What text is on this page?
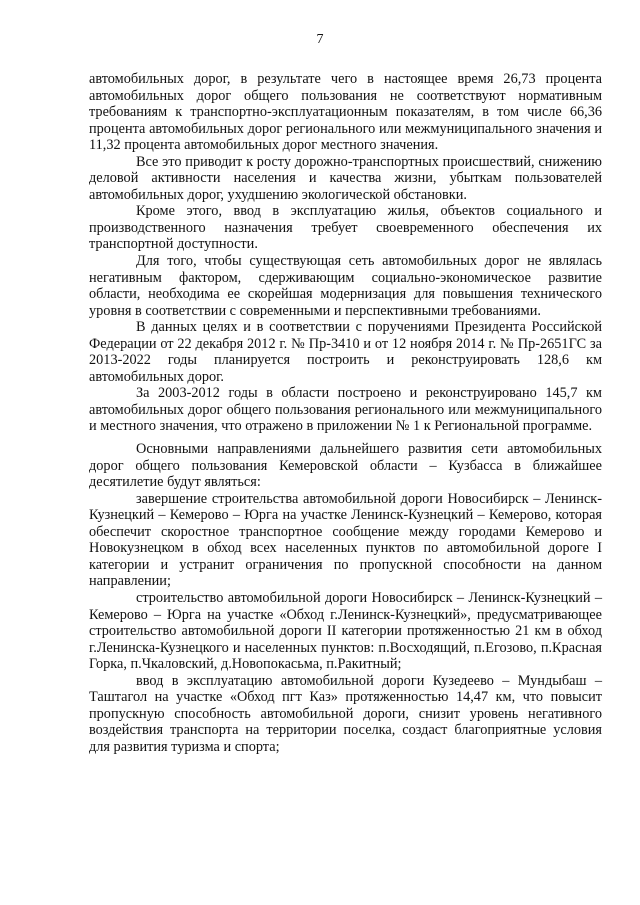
7

автомобильных дорог, в результате чего в настоящее время 26,73 процента автомобильных дорог общего пользования не соответствуют нормативным требованиям к транспортно-эксплуатационным показателям, в том числе 66,36 процента автомобильных дорог регионального или межмуниципального значения и 11,32 процента автомобильных дорог местного значения.

Все это приводит к росту дорожно-транспортных происшествий, снижению деловой активности населения и качества жизни, убыткам пользователей автомобильных дорог, ухудшению экологической обстановки.

Кроме этого, ввод в эксплуатацию жилья, объектов социального и производственного назначения требует своевременного обеспечения их транспортной доступности.

Для того, чтобы существующая сеть автомобильных дорог не являлась негативным фактором, сдерживающим социально-экономическое развитие области, необходима ее скорейшая модернизация для повышения технического уровня в соответствии с современными и перспективными требованиями.

В данных целях и в соответствии с поручениями Президента Российской Федерации от 22 декабря 2012 г. № Пр-3410 и от 12 ноября 2014 г. № Пр-2651ГС за 2013-2022 годы планируется построить и реконструировать 128,6 км автомобильных дорог.

За 2003-2012 годы в области построено и реконструировано 145,7 км автомобильных дорог общего пользования регионального или межмуниципального и местного значения, что отражено в приложении № 1 к Региональной программе.

Основными направлениями дальнейшего развития сети автомобильных дорог общего пользования Кемеровской области – Кузбасса в ближайшее десятилетие будут являться:

завершение строительства автомобильной дороги Новосибирск – Ленинск-Кузнецкий – Кемерово – Юрга на участке Ленинск-Кузнецкий – Кемерово, которая обеспечит скоростное транспортное сообщение между городами Кемерово и Новокузнецком в обход всех населенных пунктов по автомобильной дороге I категории и устранит ограничения по пропускной способности на данном направлении;

строительство автомобильной дороги Новосибирск – Ленинск-Кузнецкий – Кемерово – Юрга на участке «Обход г.Ленинск-Кузнецкий», предусматривающее строительство автомобильной дороги II категории протяженностью 21 км в обход г.Ленинска-Кузнецкого и населенных пунктов: п.Восходящий, п.Егозово, п.Красная Горка, п.Чкаловский, д.Новопокасьма, п.Ракитный;

ввод в эксплуатацию автомобильной дороги Кузедеево – Мундыбаш – Таштагол на участке «Обход пгт Каз» протяженностью 14,47 км, что повысит пропускную способность автомобильной дороги, снизит уровень негативного воздействия транспорта на территории поселка, создаст благоприятные условия для развития туризма и спорта;
